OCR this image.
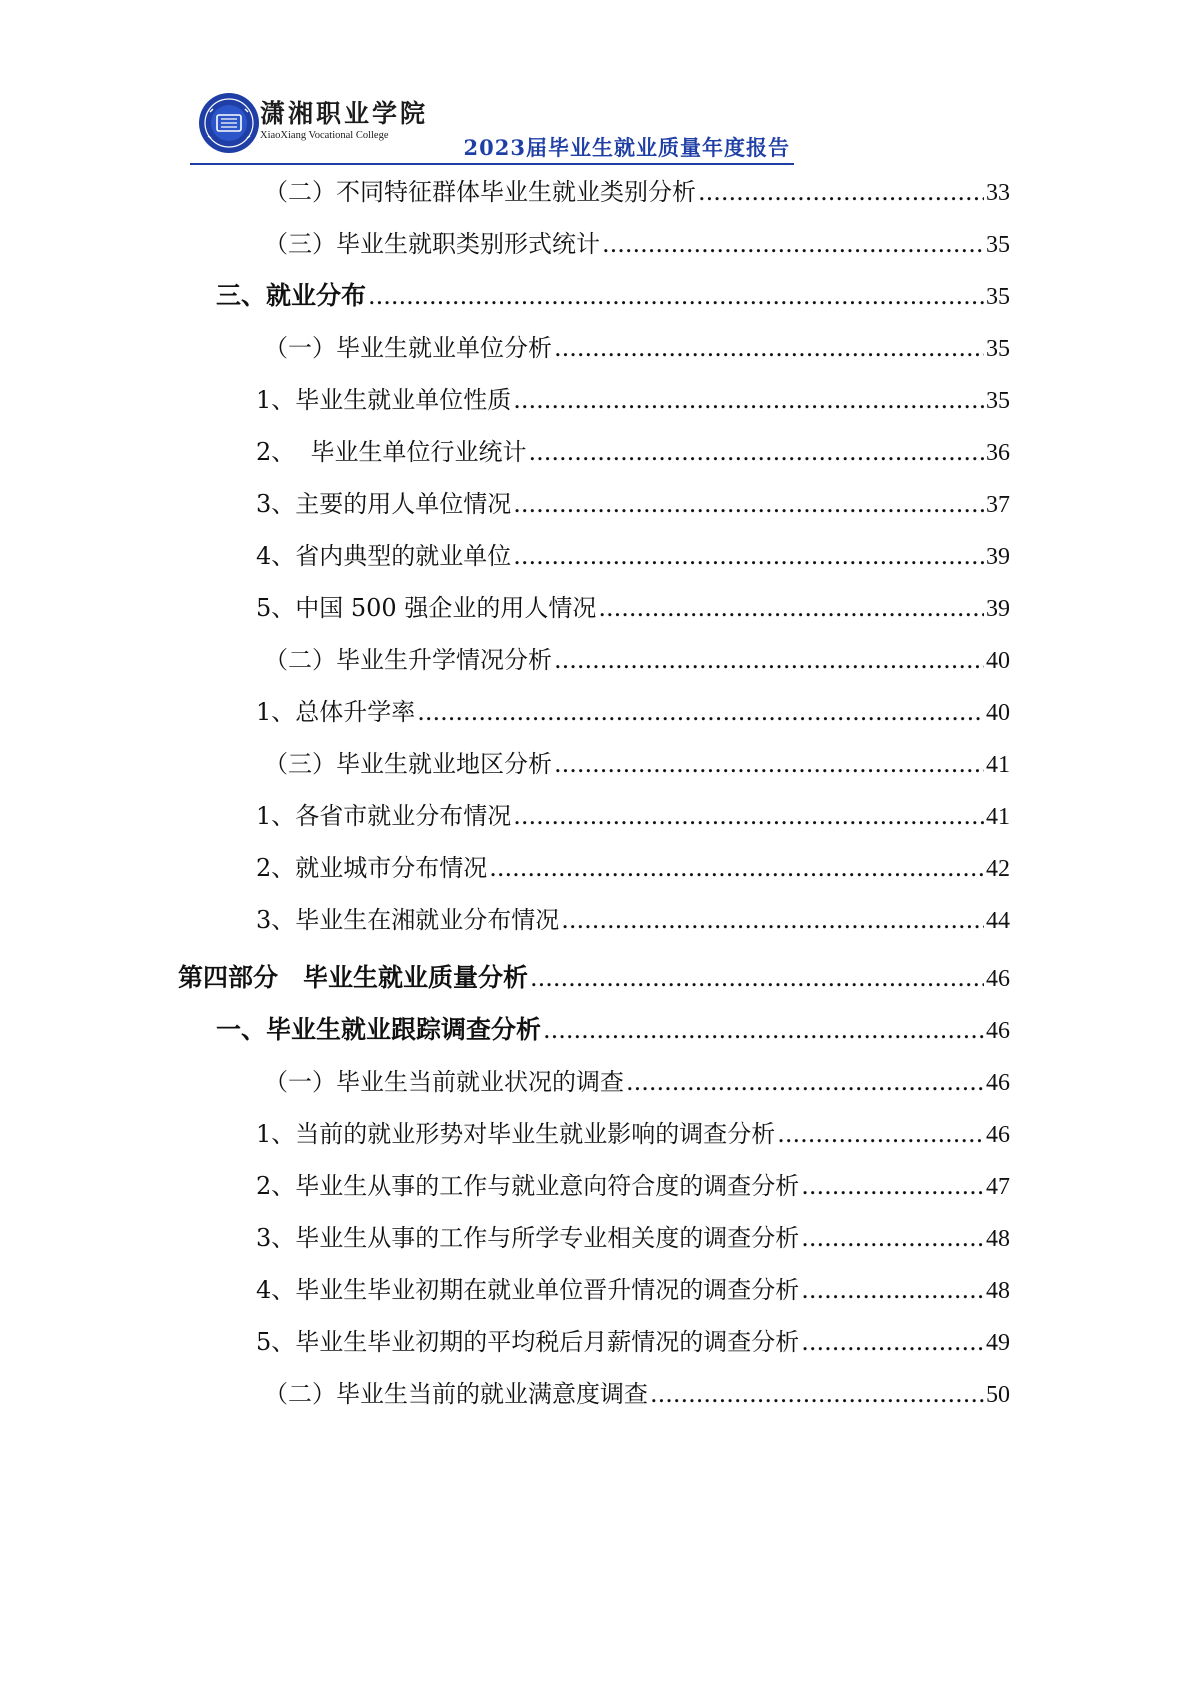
潇湘职业学院
XiaoXiang Vocational College	2023届毕业生就业质量年度报告
（二）不同特征群体毕业生就业类别分析 .....	33
（三）毕业生就职类别形式统计 .....	35
三、就业分布 .....	35
（一）毕业生就业单位分析 .....	35
1、毕业生就业单位性质 .....	35
2、  毕业生单位行业统计 .....	36
3、主要的用人单位情况 .....	37
4、省内典型的就业单位 .....	39
5、中国 500 强企业的用人情况 .....	39
（二）毕业生升学情况分析 .....	40
1、总体升学率 .....	40
（三）毕业生就业地区分析 .....	41
1、各省市就业分布情况 .....	41
2、就业城市分布情况 .....	42
3、毕业生在湘就业分布情况 .....	44
第四部分　毕业生就业质量分析 .....	46
一、毕业生就业跟踪调查分析 .....	46
（一）毕业生当前就业状况的调查 .....	46
1、当前的就业形势对毕业生就业影响的调查分析 .....	46
2、毕业生从事的工作与就业意向符合度的调查分析 .....	47
3、毕业生从事的工作与所学专业相关度的调查分析 .....	48
4、毕业生毕业初期在就业单位晋升情况的调查分析 .....	48
5、毕业生毕业初期的平均税后月薪情况的调查分析 .....	49
（二）毕业生当前的就业满意度调查 .....	50
